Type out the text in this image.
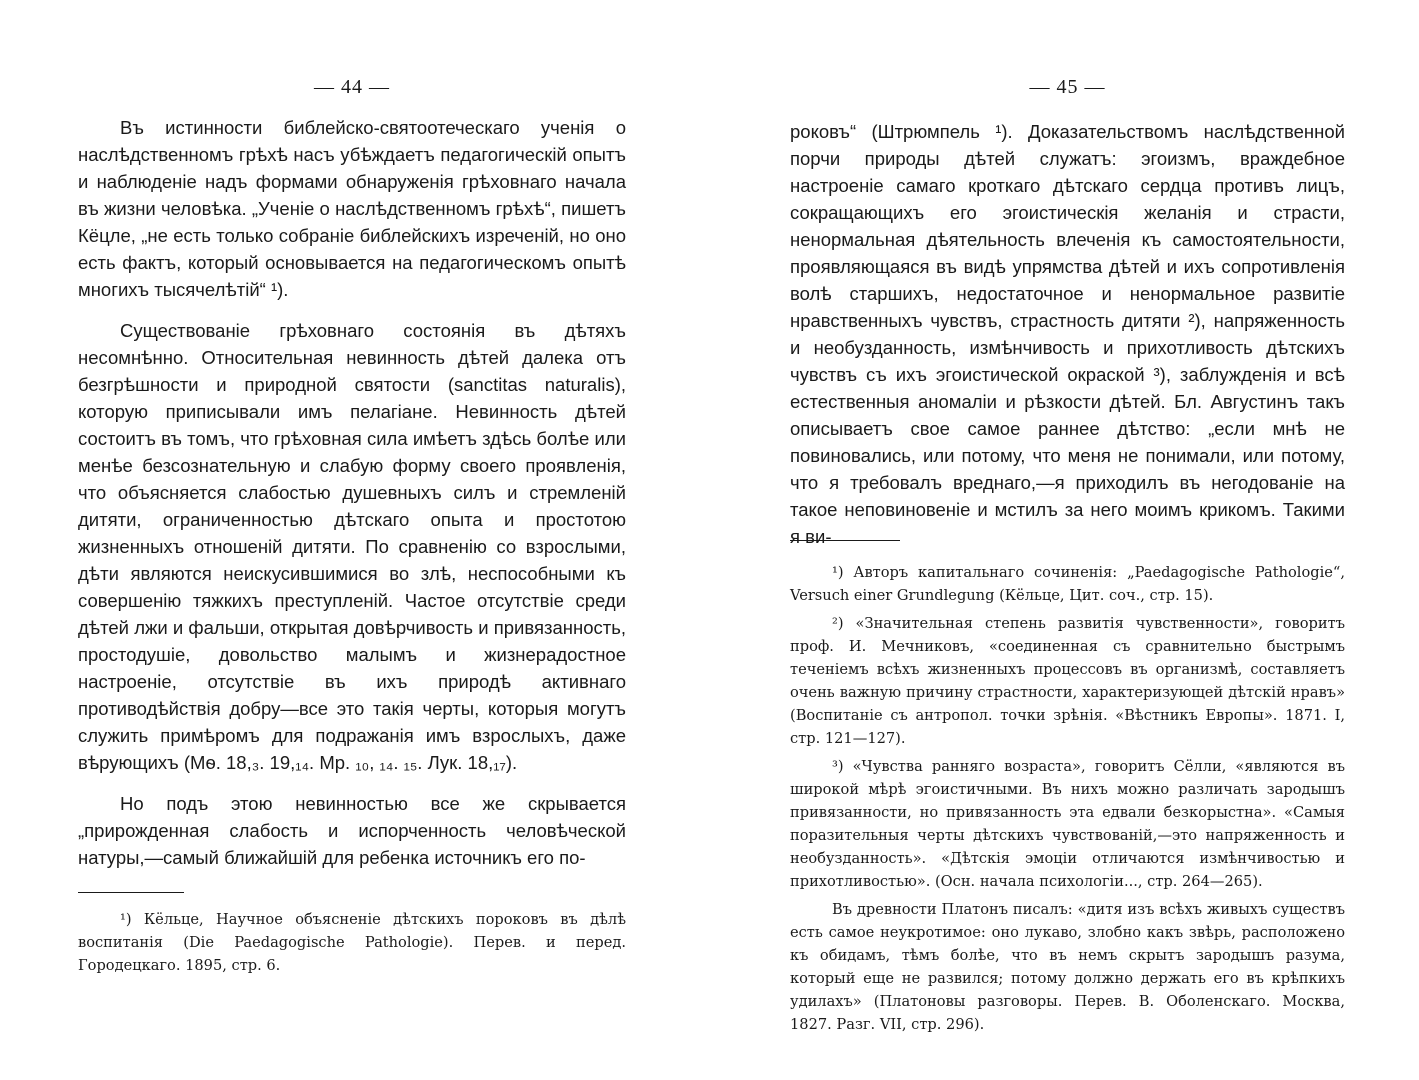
— 44 —

Въ истинности библейско-святоотеческаго ученія о наслѣдственномъ грѣхѣ насъ убѣждаетъ педагогическій опытъ и наблюденіе надъ формами обнаруженія грѣховнаго начала въ жизни человѣка. „Ученіе о наслѣдственномъ грѣхѣ“, пишетъ Кёцле, „не есть только собраніе библейскихъ изреченій, но оно есть фактъ, который основывается на педагогическомъ опытѣ многихъ тысячелѣтій“ ¹).

Существованіе грѣховнаго состоянія въ дѣтяхъ несомнѣнно. Относительная невинность дѣтей далека отъ безгрѣшности и природной святости (sanctitas naturalis), которую приписывали имъ пелагіане. Невинность дѣтей состоитъ въ томъ, что грѣховная сила имѣетъ здѣсь болѣе или менѣе безсознательную и слабую форму своего проявленія, что объясняется слабостью душевныхъ силъ и стремленій дитяти, ограниченностью дѣтскаго опыта и простотою жизненныхъ отношеній дитяти. По сравненію со взрослыми, дѣти являются неискусившимися во злѣ, неспособными къ совершенію тяжкихъ преступленій. Частое отсутствіе среди дѣтей лжи и фальши, открытая довѣрчивость и привязанность, простодушіе, довольство малымъ и жизнерадостное настроеніе, отсутствіе въ ихъ природѣ активнаго противодѣйствія добру—все это такія черты, которыя могутъ служить примѣромъ для подражанія имъ взрослыхъ, даже вѣрующихъ (Мѳ. 18,₃. 19,₁₄. Мр. ₁₀, ₁₄. ₁₅. Лук. 18,₁₇).

Но подъ этою невинностью все же скрывается „прирожденная слабость и испорченность человѣческой натуры,—самый ближайшій для ребенка источникъ его по-

¹) Кёльце, Научное объясненіе дѣтскихъ пороковъ въ дѣлѣ воспитанія (Die Paedagogische Pathologie). Перев. и перед. Городецкаго. 1895, стр. 6.

— 45 —

роковъ“ (Штрюмпель ¹). Доказательствомъ наслѣдственной порчи природы дѣтей служатъ: эгоизмъ, враждебное настроеніе самаго кроткаго дѣтскаго сердца противъ лицъ, сокращающихъ его эгоистическія желанія и страсти, ненормальная дѣятельность влеченія къ самостоятельности, проявляющаяся въ видѣ упрямства дѣтей и ихъ сопротивленія волѣ старшихъ, недостаточное и ненормальное развитіе нравственныхъ чувствъ, страстность дитяти ²), напряженность и необузданность, измѣнчивость и прихотливость дѣтскихъ чувствъ съ ихъ эгоистической окраской ³), заблужденія и всѣ естественныя аномаліи и рѣзкости дѣтей. Бл. Августинъ такъ описываетъ свое самое раннее дѣтство: „если мнѣ не повиновались, или потому, что меня не понимали, или потому, что я требовалъ вреднаго,—я приходилъ въ негодованіе на такое неповиновеніе и мстилъ за него моимъ крикомъ. Такими я ви-

¹) Авторъ капитальнаго сочиненія: „Paedagogische Pathologie“, Versuch einer Grundlegung (Кёльце, Цит. соч., стр. 15).

²) «Значительная степень развитія чувственности», говоритъ проф. И. Мечниковъ, «соединенная съ сравнительно быстрымъ теченіемъ всѣхъ жизненныхъ процессовъ въ организмѣ, составляетъ очень важную причину страстности, характеризующей дѣтскій нравъ» (Воспитаніе съ антропол. точки зрѣнія. «Вѣстникъ Европы». 1871. I, стр. 121—127).

³) «Чувства ранняго возраста», говоритъ Сёлли, «являются въ широкой мѣрѣ эгоистичными. Въ нихъ можно различать зародышъ привязанности, но привязанность эта едвали безкорыстна». «Самыя поразительныя черты дѣтскихъ чувствованій,—это напряженность и необузданность». «Дѣтскія эмоціи отличаются измѣнчивостью и прихотливостью». (Осн. начала психологіи..., стр. 264—265).

Въ древности Платонъ писалъ: «дитя изъ всѣхъ живыхъ существъ есть самое неукротимое: оно лукаво, злобно какъ звѣрь, расположено къ обидамъ, тѣмъ болѣе, что въ немъ скрытъ зародышъ разума, который еще не развился; потому должно держать его въ крѣпкихъ удилахъ» (Платоновы разговоры. Перев. В. Оболенскаго. Москва, 1827. Разг. VII, стр. 296).
